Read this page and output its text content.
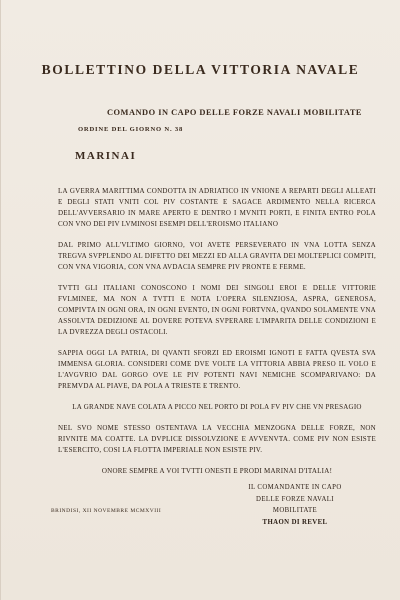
BOLLETTINO DELLA VITTORIA NAVALE
COMANDO IN CAPO DELLE FORZE NAVALI MOBILITATE
ORDINE DEL GIORNO N. 38
MARINAI

LA GVERRA MARITTIMA CONDOTTA IN ADRIATICO IN VNIONE A REPARTI DEGLI ALLEATI E DEGLI STATI VNITI COL PIV COSTANTE E SAGACE ARDIMENTO NELLA RICERCA DELL'AVVERSARIO IN MARE APERTO E DENTRO I MVNITI PORTI, E FINITA ENTRO POLA CON VNO DEI PIV LVMINOSI ESEMPI DELL'EROISMO ITALIANO

DAL PRIMO ALL'VLTIMO GIORNO, VOI AVETE PERSEVERATO IN VNA LOTTA SENZA TREGVA SVPPLENDO AL DIFETTO DEI MEZZI ED ALLA GRAVITA DEI MOLTEPLICI COMPITI, CON VNA VIGORIA, CON VNA AVDACIA SEMPRE PIV PRONTE E FERME.

TVTTI GLI ITALIANI CONOSCONO I NOMI DEI SINGOLI EROI E DELLE VITTORIE FVLMINEE, MA NON A TVTTI E NOTA L'OPERA SILENZIOSA, ASPRA, GENEROSA, COMPIVTA IN OGNI ORA, IN OGNI EVENTO, IN OGNI FORTVNA, QVANDO SOLAMENTE VNA ASSOLVTA DEDIZIONE AL DOVERE POTEVA SVPERARE L'IMPARITA DELLE CONDIZIONI E LA DVREZZA DEGLI OSTACOLI.

SAPPIA OGGI LA PATRIA, DI QVANTI SFORZI ED EROISMI IGNOTI E FATTA QVESTA SVA IMMENSA GLORIA. CONSIDERI COME DVE VOLTE LA VITTORIA ABBIA PRESO IL VOLO E L'AVGVRIO DAL GORGO OVE LE PIV POTENTI NAVI NEMICHE SCOMPARIVANO: DA PREMVDA AL PIAVE, DA POLA A TRIESTE E TRENTO.

LA GRANDE NAVE COLATA A PICCO NEL PORTO DI POLA FV PIV CHE VN PRESAGIO

NEL SVO NOME STESSO OSTENTAVA LA VECCHIA MENZOGNA DELLE FORZE, NON RIVNITE MA COATTE. LA DVPLICE DISSOLVZIONE E AVVENVTA. COME PIV NON ESISTE L'ESERCITO, COSI LA FLOTTA IMPERIALE NON ESISTE PIV.

ONORE SEMPRE A VOI TVTTI ONESTI E PRODI MARINAI D'ITALIA!

BRINDISI, XII NOVEMBRE MCMXVIII
IL COMANDANTE IN CAPO
DELLE FORZE NAVALI MOBILITATE
THAON DI REVEL
